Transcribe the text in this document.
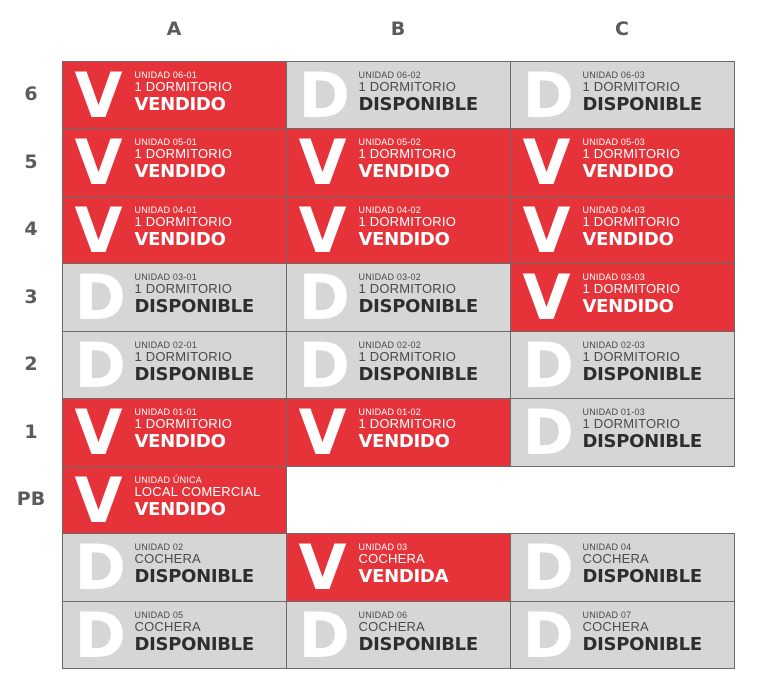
A	B	C
6
5
4
3
2
1
PB
V UNIDAD 06-01
1 DORMITORIO
VENDIDO D UNIDAD 06-02
1 DORMITORIO
DISPONIBLE D UNIDAD 06-03
1 DORMITORIO
DISPONIBLE
V UNIDAD 05-01
1 DORMITORIO
VENDIDO V UNIDAD 05-02
1 DORMITORIO
VENDIDO V UNIDAD 05-03
1 DORMITORIO
VENDIDO
V UNIDAD 04-01
1 DORMITORIO
VENDIDO V UNIDAD 04-02
1 DORMITORIO
VENDIDO V UNIDAD 04-03
1 DORMITORIO
VENDIDO
D UNIDAD 03-01
1 DORMITORIO
DISPONIBLE D UNIDAD 03-02
1 DORMITORIO
DISPONIBLE V UNIDAD 03-03
1 DORMITORIO
VENDIDO
D UNIDAD 02-01
1 DORMITORIO
DISPONIBLE D UNIDAD 02-02
1 DORMITORIO
DISPONIBLE D UNIDAD 02-03
1 DORMITORIO
DISPONIBLE
V UNIDAD 01-01
1 DORMITORIO
VENDIDO V UNIDAD 01-02
1 DORMITORIO
VENDIDO D UNIDAD 01-03
1 DORMITORIO
DISPONIBLE
V UNIDAD ÚNICA
LOCAL COMERCIAL
VENDIDO
D UNIDAD 02
COCHERA
DISPONIBLE V UNIDAD 03
COCHERA
VENDIDA D UNIDAD 04
COCHERA
DISPONIBLE
D UNIDAD 05
COCHERA
DISPONIBLE D UNIDAD 06
COCHERA
DISPONIBLE D UNIDAD 07
COCHERA
DISPONIBLE
